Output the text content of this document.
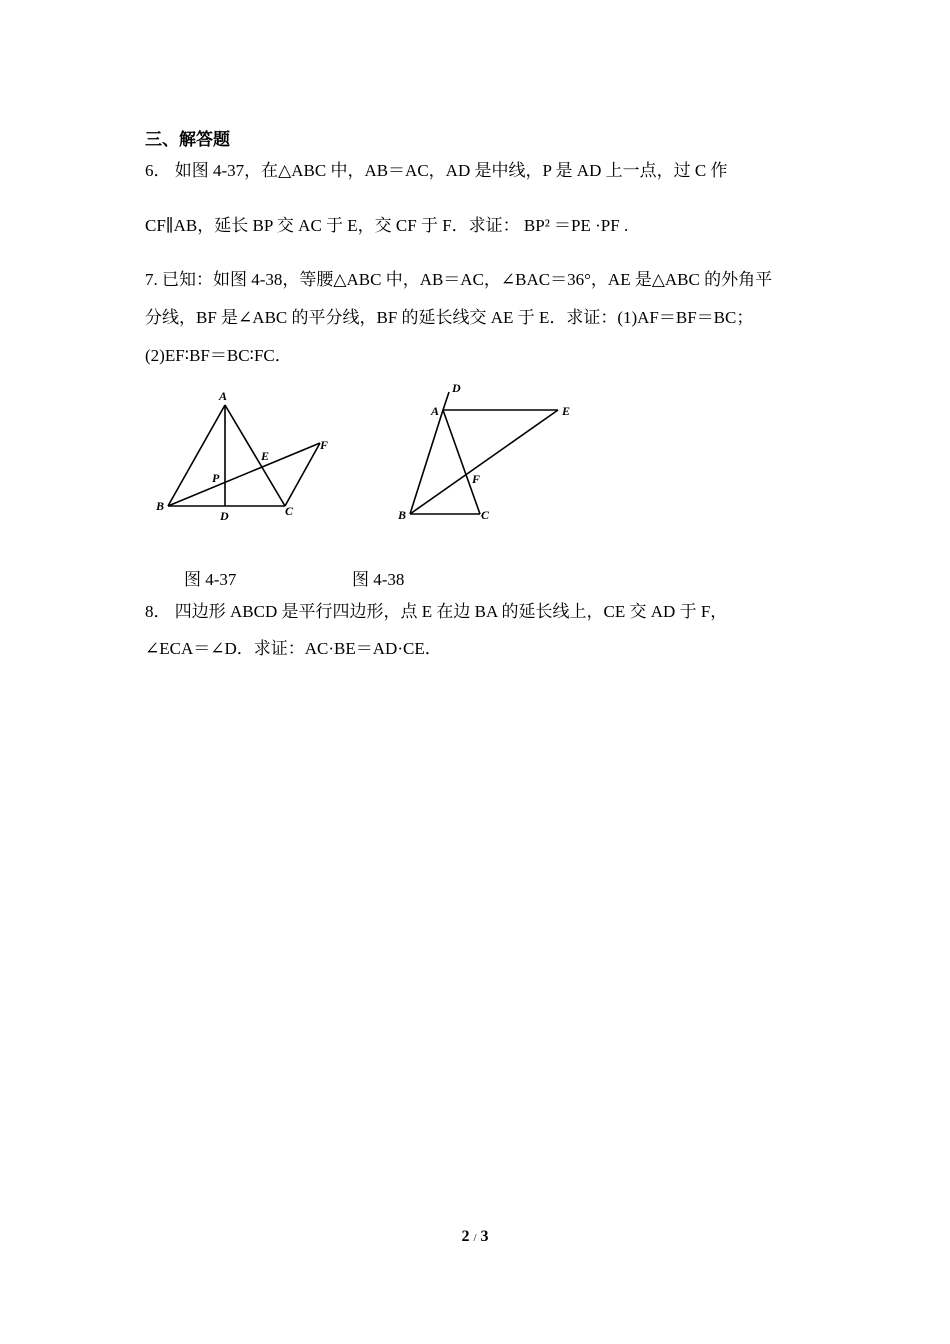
三、解答题
6． 如图 4-37，在△ABC 中，AB＝AC，AD 是中线，P 是 AD 上一点，过 C 作
CF∥AB，延长 BP 交 AC 于 E，交 CF 于 F．求证： BP² ＝PE ·PF .
7. 已知：如图 4-38，等腰△ABC 中，AB＝AC，∠BAC＝36°，AE 是△ABC 的外角平
分线，BF 是∠ABC 的平分线，BF 的延长线交 AE 于 E．求证：(1)AF＝BF＝BC；
(2)EF∶BF＝BC∶FC．
A
B	C
D
E
F
P
A
B	C
D
E
F
图 4-37	图 4-38
8． 四边形 ABCD 是平行四边形，点 E 在边 BA 的延长线上，CE 交 AD 于 F，
∠ECA＝∠D．求证：AC·BE＝AD·CE．
2 / 3
